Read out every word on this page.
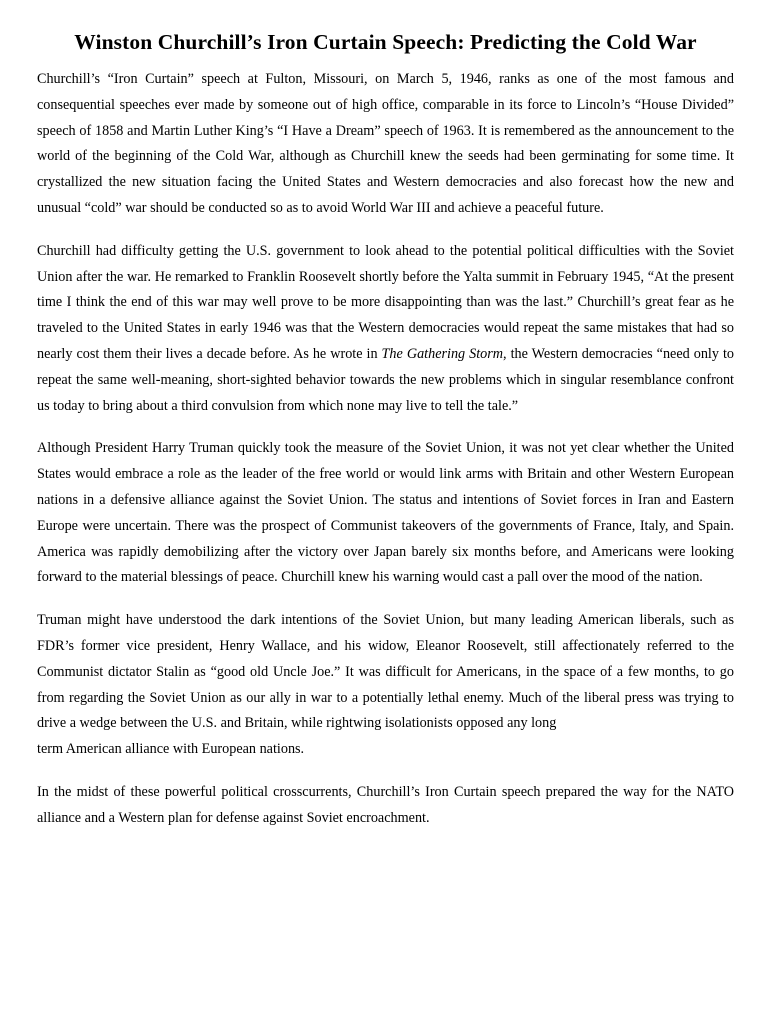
Winston Churchill’s Iron Curtain Speech: Predicting the Cold War

Churchill’s “Iron Curtain” speech at Fulton, Missouri, on March 5, 1946, ranks as one of the most famous and consequential speeches ever made by someone out of high office, comparable in its force to Lincoln’s “House Divided” speech of 1858 and Martin Luther King’s “I Have a Dream” speech of 1963. It is remembered as the announcement to the world of the beginning of the Cold War, although as Churchill knew the seeds had been germinating for some time. It crystallized the new situation facing the United States and Western democracies and also forecast how the new and unusual “cold” war should be conducted so as to avoid World War III and achieve a peaceful future.

Churchill had difficulty getting the U.S. government to look ahead to the potential political difficulties with the Soviet Union after the war. He remarked to Franklin Roosevelt shortly before the Yalta summit in February 1945, “At the present time I think the end of this war may well prove to be more disappointing than was the last.” Churchill’s great fear as he traveled to the United States in early 1946 was that the Western democracies would repeat the same mistakes that had so nearly cost them their lives a decade before. As he wrote in The Gathering Storm, the Western democracies “need only to repeat the same well-meaning, short-sighted behavior towards the new problems which in singular resemblance confront us today to bring about a third convulsion from which none may live to tell the tale.”

Although President Harry Truman quickly took the measure of the Soviet Union, it was not yet clear whether the United States would embrace a role as the leader of the free world or would link arms with Britain and other Western European nations in a defensive alliance against the Soviet Union. The status and intentions of Soviet forces in Iran and Eastern Europe were uncertain. There was the prospect of Communist takeovers of the governments of France, Italy, and Spain. America was rapidly demobilizing after the victory over Japan barely six months before, and Americans were looking forward to the material blessings of peace. Churchill knew his warning would cast a pall over the mood of the nation.

Truman might have understood the dark intentions of the Soviet Union, but many leading American liberals, such as FDR’s former vice president, Henry Wallace, and his widow, Eleanor Roosevelt, still affectionately referred to the Communist dictator Stalin as “good old Uncle Joe.” It was difficult for Americans, in the space of a few months, to go from regarding the Soviet Union as our ally in war to a potentially lethal enemy. Much of the liberal press was trying to drive a wedge between the U.S. and Britain, while rightwing isolationists opposed any long

term American alliance with European nations.

In the midst of these powerful political crosscurrents, Churchill’s Iron Curtain speech prepared the way for the NATO alliance and a Western plan for defense against Soviet encroachment.
